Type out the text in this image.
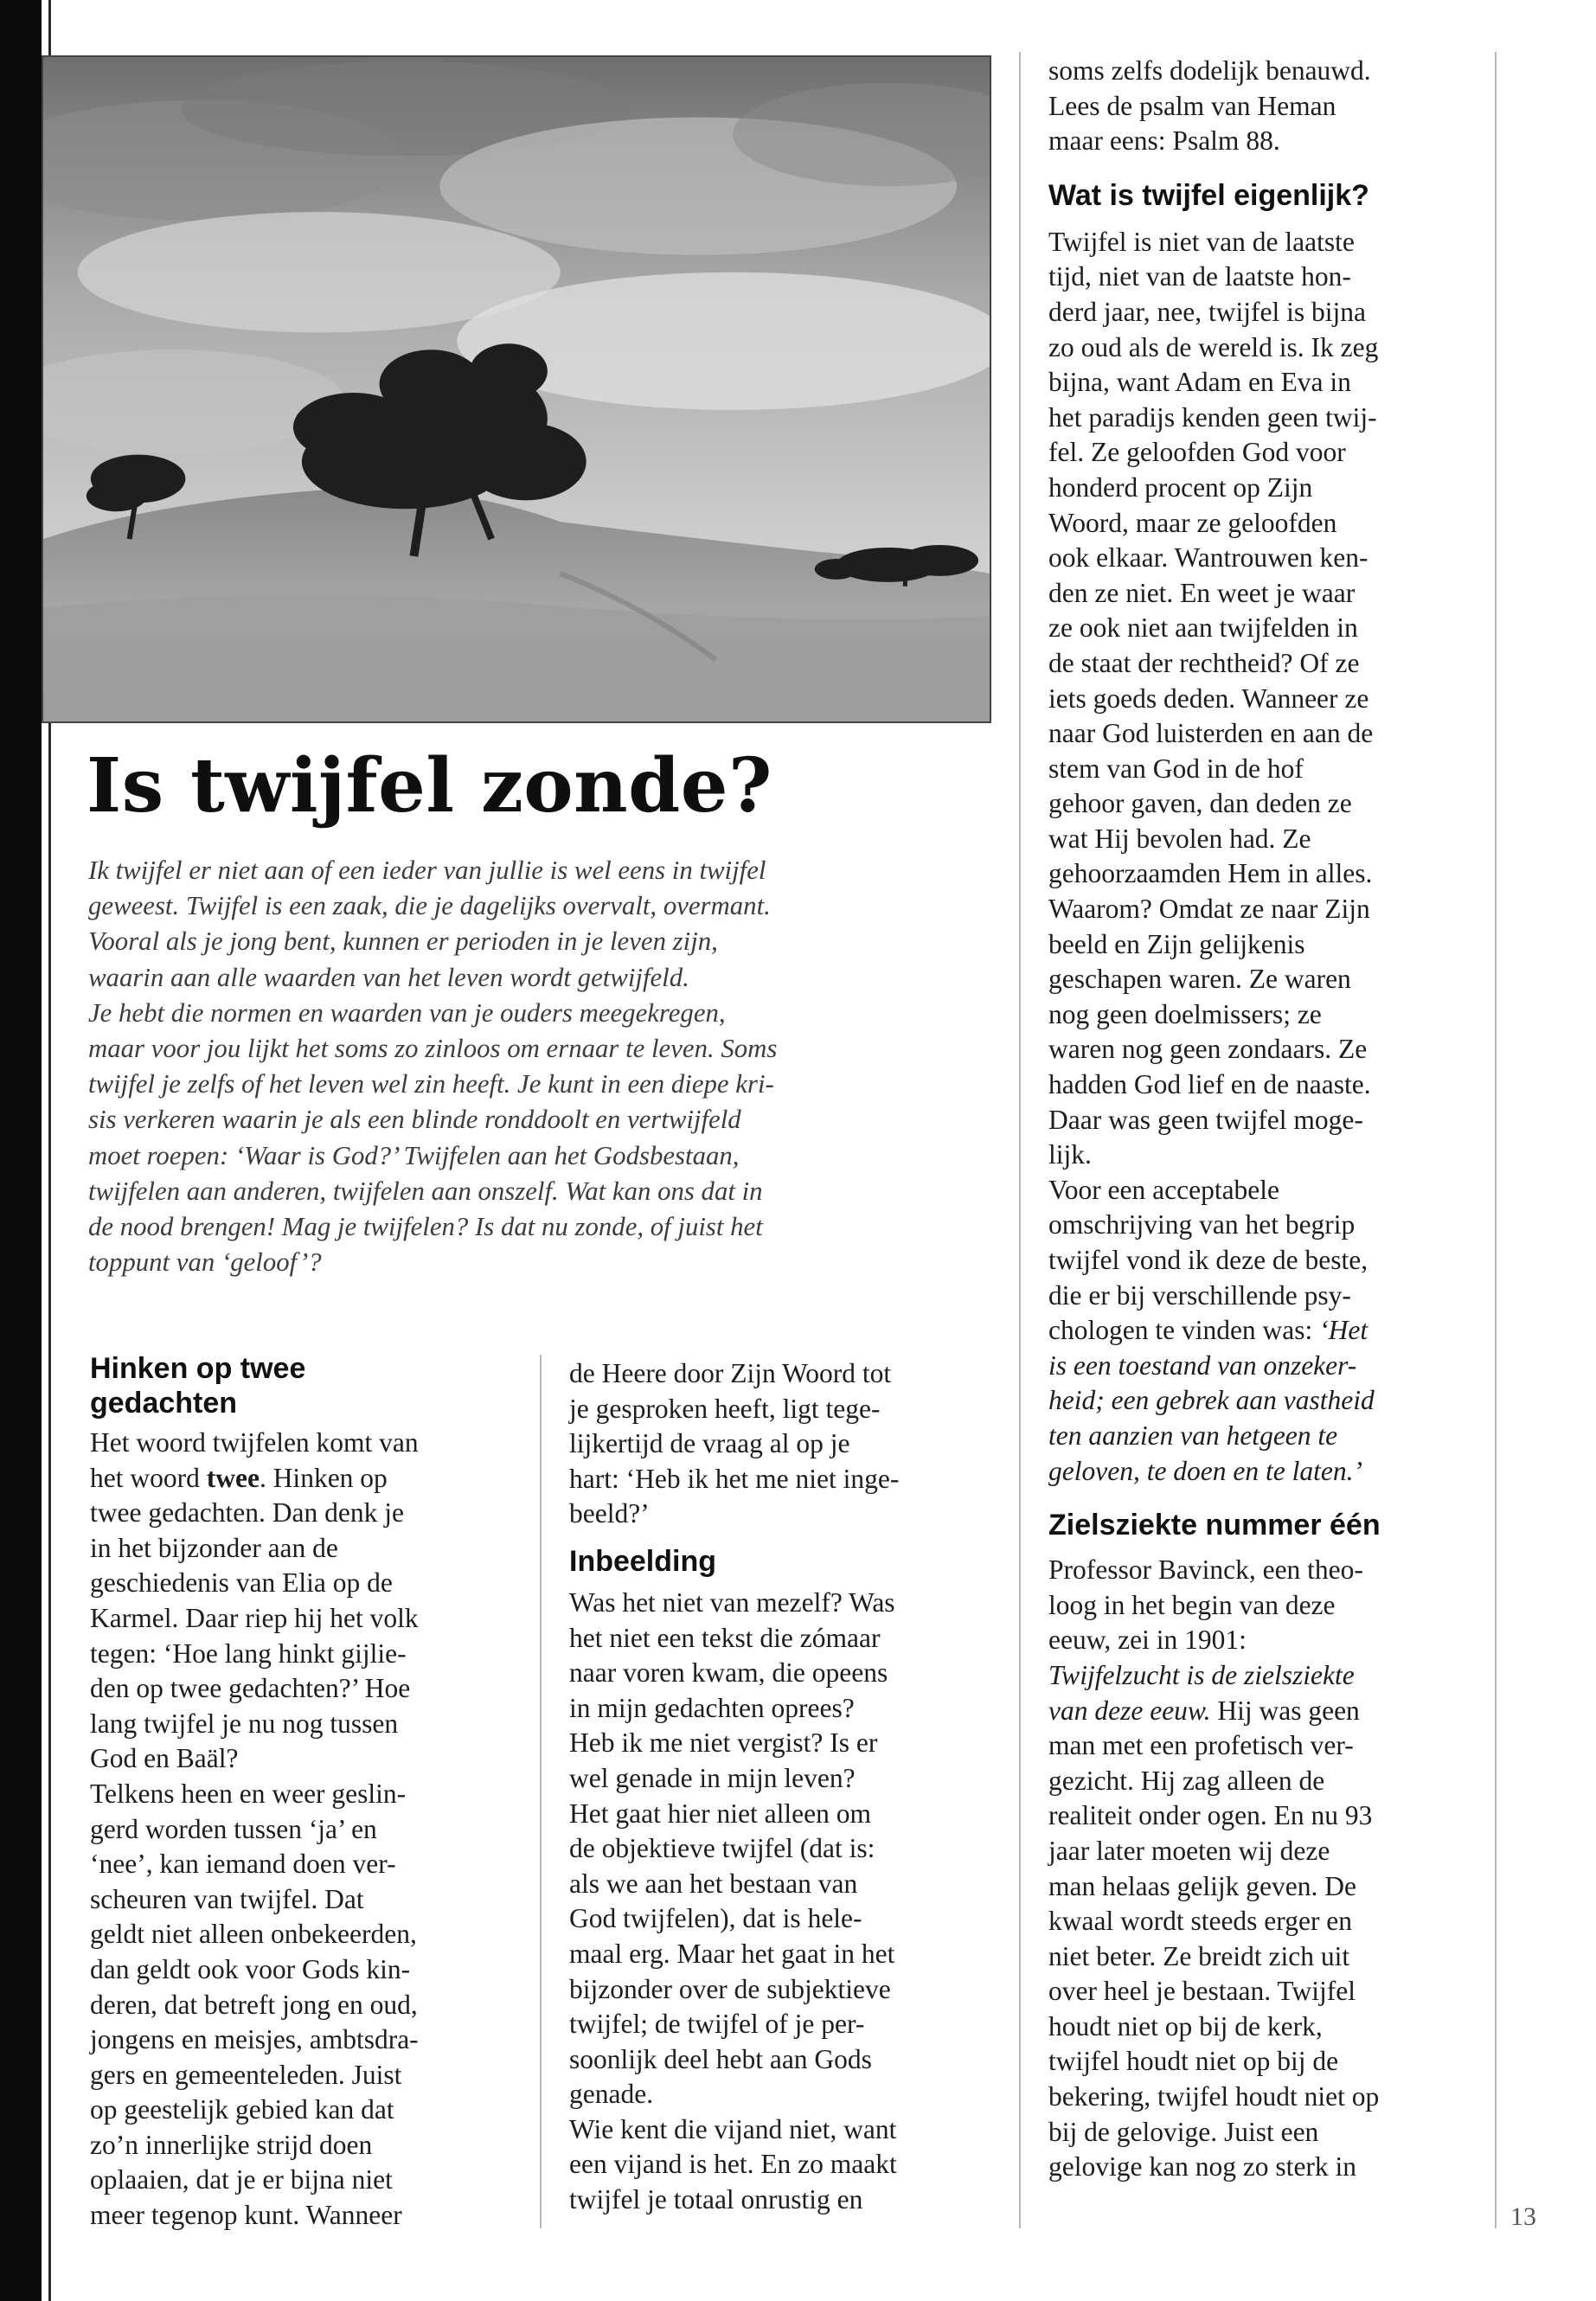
Is twijfel zonde?
Ik twijfel er niet aan of een ieder van jullie is wel eens in twijfel
geweest. Twijfel is een zaak, die je dagelijks overvalt, overmant.
Vooral als je jong bent, kunnen er perioden in je leven zijn,
waarin aan alle waarden van het leven wordt getwijfeld.
Je hebt die normen en waarden van je ouders meegekregen,
maar voor jou lijkt het soms zo zinloos om ernaar te leven. Soms
twijfel je zelfs of het leven wel zin heeft. Je kunt in een diepe kri-
sis verkeren waarin je als een blinde ronddoolt en vertwijfeld
moet roepen: ‘Waar is God?’ Twijfelen aan het Godsbestaan,
twijfelen aan anderen, twijfelen aan onszelf. Wat kan ons dat in
de nood brengen! Mag je twijfelen? Is dat nu zonde, of juist het
toppunt van ‘geloof’?
Hinken op twee
gedachten
Het woord twijfelen komt van
het woord twee. Hinken op
twee gedachten. Dan denk je
in het bijzonder aan de
geschiedenis van Elia op de
Karmel. Daar riep hij het volk
tegen: ‘Hoe lang hinkt gijlie-
den op twee gedachten?’ Hoe
lang twijfel je nu nog tussen
God en Baäl?
Telkens heen en weer geslin-
gerd worden tussen ‘ja’ en
‘nee’, kan iemand doen ver-
scheuren van twijfel. Dat
geldt niet alleen onbekeerden,
dan geldt ook voor Gods kin-
deren, dat betreft jong en oud,
jongens en meisjes, ambtsdra-
gers en gemeenteleden. Juist
op geestelijk gebied kan dat
zo’n innerlijke strijd doen
oplaaien, dat je er bijna niet
meer tegenop kunt. Wanneer
de Heere door Zijn Woord tot
je gesproken heeft, ligt tege-
lijkertijd de vraag al op je
hart: ‘Heb ik het me niet inge-
beeld?’
Inbeelding
Was het niet van mezelf? Was
het niet een tekst die zómaar
naar voren kwam, die opeens
in mijn gedachten oprees?
Heb ik me niet vergist? Is er
wel genade in mijn leven?
Het gaat hier niet alleen om
de objektieve twijfel (dat is:
als we aan het bestaan van
God twijfelen), dat is hele-
maal erg. Maar het gaat in het
bijzonder over de subjektieve
twijfel; de twijfel of je per-
soonlijk deel hebt aan Gods
genade.
Wie kent die vijand niet, want
een vijand is het. En zo maakt
twijfel je totaal onrustig en
soms zelfs dodelijk benauwd.
Lees de psalm van Heman
maar eens: Psalm 88.
Wat is twijfel eigenlijk?
Twijfel is niet van de laatste
tijd, niet van de laatste hon-
derd jaar, nee, twijfel is bijna
zo oud als de wereld is. Ik zeg
bijna, want Adam en Eva in
het paradijs kenden geen twij-
fel. Ze geloofden God voor
honderd procent op Zijn
Woord, maar ze geloofden
ook elkaar. Wantrouwen ken-
den ze niet. En weet je waar
ze ook niet aan twijfelden in
de staat der rechtheid? Of ze
iets goeds deden. Wanneer ze
naar God luisterden en aan de
stem van God in de hof
gehoor gaven, dan deden ze
wat Hij bevolen had. Ze
gehoorzaamden Hem in alles.
Waarom? Omdat ze naar Zijn
beeld en Zijn gelijkenis
geschapen waren. Ze waren
nog geen doelmissers; ze
waren nog geen zondaars. Ze
hadden God lief en de naaste.
Daar was geen twijfel moge-
lijk.
Voor een acceptabele
omschrijving van het begrip
twijfel vond ik deze de beste,
die er bij verschillende psy-
chologen te vinden was: ‘Het
is een toestand van onzeker-
heid; een gebrek aan vastheid
ten aanzien van hetgeen te
geloven, te doen en te laten.’
Zielsziekte nummer één
Professor Bavinck, een theo-
loog in het begin van deze
eeuw, zei in 1901:
Twijfelzucht is de zielsziekte
van deze eeuw. Hij was geen
man met een profetisch ver-
gezicht. Hij zag alleen de
realiteit onder ogen. En nu 93
jaar later moeten wij deze
man helaas gelijk geven. De
kwaal wordt steeds erger en
niet beter. Ze breidt zich uit
over heel je bestaan. Twijfel
houdt niet op bij de kerk,
twijfel houdt niet op bij de
bekering, twijfel houdt niet op
bij de gelovige. Juist een
gelovige kan nog zo sterk in
13
